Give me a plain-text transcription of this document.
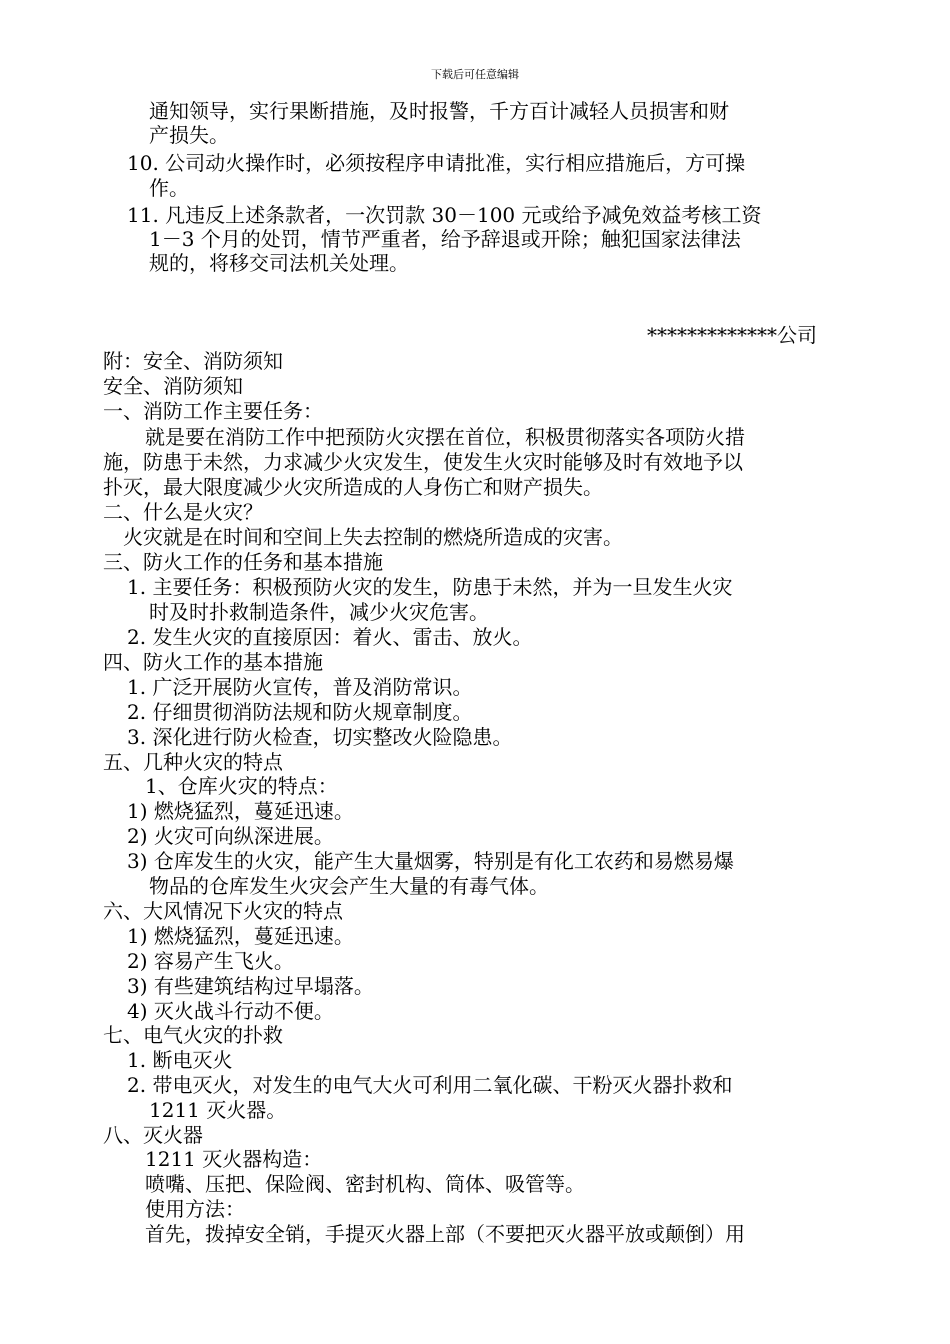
下载后可任意编辑
通知领导，实行果断措施，及时报警，千方百计减轻人员损害和财
产损失。
10. 公司动火操作时，必须按程序申请批准，实行相应措施后，方可操
作。
11. 凡违反上述条款者，一次罚款 30－100 元或给予减免效益考核工资
1－3 个月的处罚，情节严重者，给予辞退或开除；触犯国家法律法
规的，将移交司法机关处理。
*************公司
附：安全、消防须知
安全、消防须知
一、消防工作主要任务：
就是要在消防工作中把预防火灾摆在首位，积极贯彻落实各项防火措
施，防患于未然，力求减少火灾发生，使发生火灾时能够及时有效地予以
扑灭，最大限度减少火灾所造成的人身伤亡和财产损失。
二、什么是火灾？
火灾就是在时间和空间上失去控制的燃烧所造成的灾害。
三、防火工作的任务和基本措施
1. 主要任务：积极预防火灾的发生，防患于未然，并为一旦发生火灾
时及时扑救制造条件，减少火灾危害。
2. 发生火灾的直接原因：着火、雷击、放火。
四、防火工作的基本措施
1. 广泛开展防火宣传，普及消防常识。
2. 仔细贯彻消防法规和防火规章制度。
3. 深化进行防火检查，切实整改火险隐患。
五、几种火灾的特点
1、仓库火灾的特点：
1) 燃烧猛烈，蔓延迅速。
2) 火灾可向纵深进展。
3) 仓库发生的火灾，能产生大量烟雾，特别是有化工农药和易燃易爆
物品的仓库发生火灾会产生大量的有毒气体。
六、大风情况下火灾的特点
1) 燃烧猛烈，蔓延迅速。
2) 容易产生飞火。
3) 有些建筑结构过早塌落。
4) 灭火战斗行动不便。
七、电气火灾的扑救
1. 断电灭火
2. 带电灭火，对发生的电气大火可利用二氧化碳、干粉灭火器扑救和
1211 灭火器。
八、灭火器
1211 灭火器构造：
喷嘴、压把、保险阀、密封机构、筒体、吸管等。
使用方法：
首先，拨掉安全销，手提灭火器上部（不要把灭火器平放或颠倒）用
